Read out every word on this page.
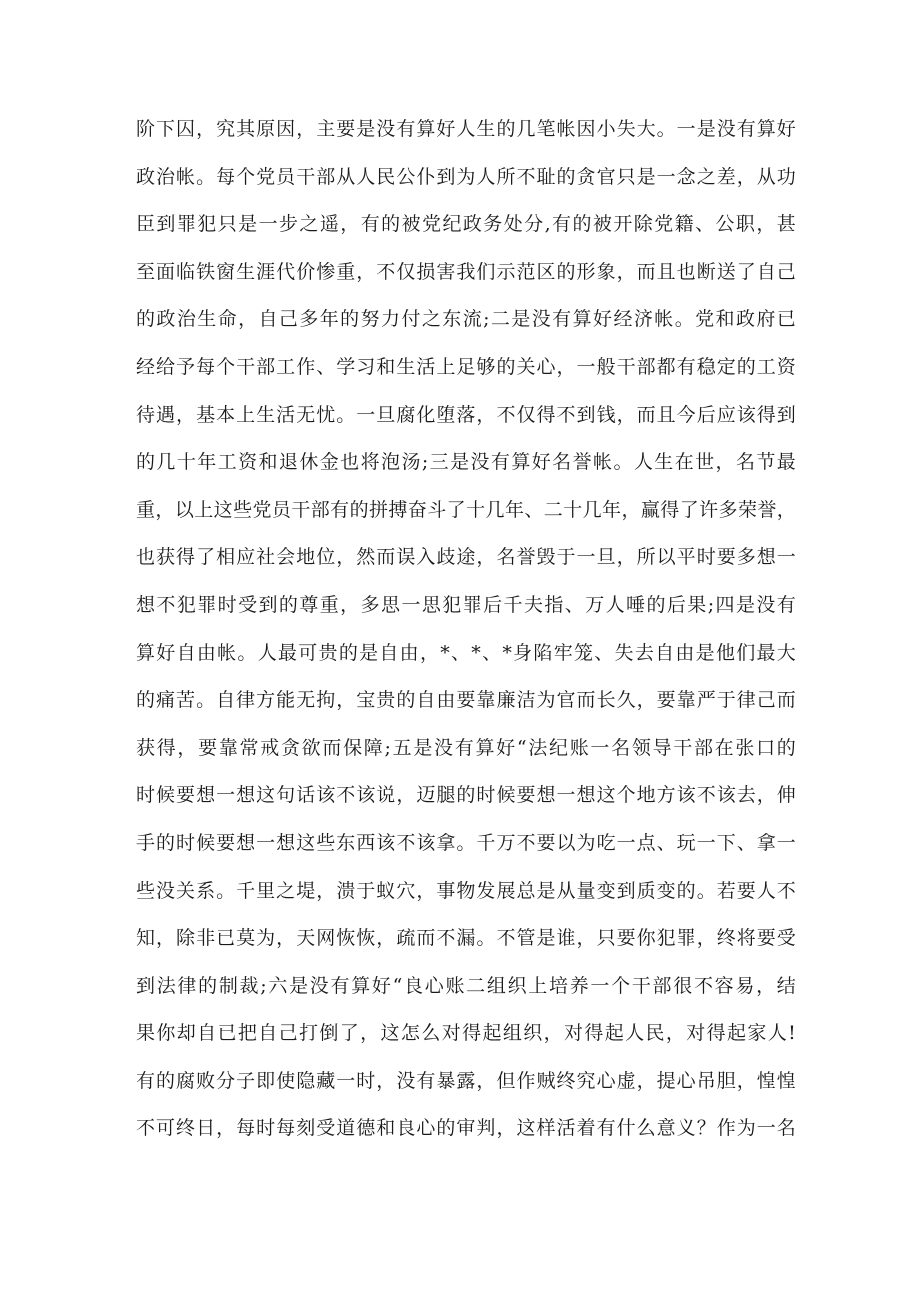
阶下囚，究其原因，主要是没有算好人生的几笔帐因小失大。一是没有算好
政治帐。每个党员干部从人民公仆到为人所不耻的贪官只是一念之差，从功
臣到罪犯只是一步之遥，有的被党纪政务处分,有的被开除党籍、公职，甚
至面临铁窗生涯代价惨重，不仅损害我们示范区的形象，而且也断送了自己
的政治生命，自己多年的努力付之东流;二是没有算好经济帐。党和政府已
经给予每个干部工作、学习和生活上足够的关心，一般干部都有稳定的工资
待遇，基本上生活无忧。一旦腐化堕落，不仅得不到钱，而且今后应该得到
的几十年工资和退休金也将泡汤;三是没有算好名誉帐。人生在世，名节最
重，以上这些党员干部有的拼搏奋斗了十几年、二十几年，赢得了许多荣誉，
也获得了相应社会地位，然而误入歧途，名誉毁于一旦，所以平时要多想一
想不犯罪时受到的尊重，多思一思犯罪后千夫指、万人唾的后果;四是没有
算好自由帐。人最可贵的是自由，*、*、*身陷牢笼、失去自由是他们最大
的痛苦。自律方能无拘，宝贵的自由要靠廉洁为官而长久，要靠严于律己而
获得，要靠常戒贪欲而保障;五是没有算好“法纪账一名领导干部在张口的
时候要想一想这句话该不该说，迈腿的时候要想一想这个地方该不该去，伸
手的时候要想一想这些东西该不该拿。千万不要以为吃一点、玩一下、拿一
些没关系。千里之堤，溃于蚁穴，事物发展总是从量变到质变的。若要人不
知，除非已莫为，天网恢恢，疏而不漏。不管是谁，只要你犯罪，终将要受
到法律的制裁;六是没有算好“良心账二组织上培养一个干部很不容易，结
果你却自已把自己打倒了，这怎么对得起组织，对得起人民，对得起家人!
有的腐败分子即使隐藏一时，没有暴露，但作贼终究心虚，提心吊胆，惶惶
不可终日，每时每刻受道德和良心的审判，这样活着有什么意义？作为一名
